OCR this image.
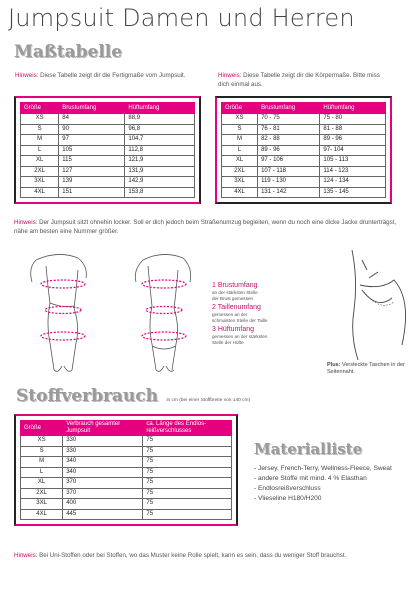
Jumpsuit Damen und Herren
Maßtabelle
Hinweis: Diese Tabelle zeigt dir die Fertigmaße vom Jumpsuit.	Hinweis: Diese Tabelle zeigt dir die Körpermaße. Bitte miss dich einmal aus.
Größe	Brustumfang	Hüftumfang
XS	84	88,9
S	90	96,8
M	97	104,7
L	105	112,8
XL	115	121,9
2XL	127	131,9
3XL	139	142,9
4XL	151	153,8
Größe	Brustumfang	Hüftumfang
XS	70 - 75	75 - 80
S	76 - 81	81 - 88
M	82 - 88	89 - 96
L	89 - 96	97- 104
XL	97 - 106	105 - 113
2XL	107 - 118	114 - 123
3XL	119 - 130	124 - 134
4XL	131 - 142	135 - 145
Hinweis: Der Jumpsuit sitzt ohnehin locker. Soll er dich jedoch beim Straßenumzug begleiten, wenn du noch eine dicke Jacke drunterträgst, nähe am besten eine Nummer größer.
1 Brustumfang
an der stärksten Stelle
der Brust gemessen
2 Taillenumfang
gemessen an der
schmalsten Stelle der Taille
3 Hüftumfang
gemessen an der stärksten
Stelle der Hüfte
Plus: Versteckte Taschen in der Seitennaht.
Stoffverbrauch in cm (bei einer Stoffbreite von 140 cm)
Größe	Verbrauch gesamter Jumpsuit	ca. Länge des Endlos-reißverschlusses
XS	330	75
S	330	75
M	340	75
L	340	75
XL	370	75
2XL	370	75
3XL	400	75
4XL	445	75
Materialliste
- Jersey, French-Terry, Wellness-Fleece, Sweat
- andere Stoffe mit mind. 4 % Elasthan
- Endlosreißverschluss
- Vlieseline H180/H200
Hinweis: Bei Uni-Stoffen oder bei Stoffen, wo das Muster keine Rolle spielt, kann es sein, dass du weniger Stoff brauchst.
